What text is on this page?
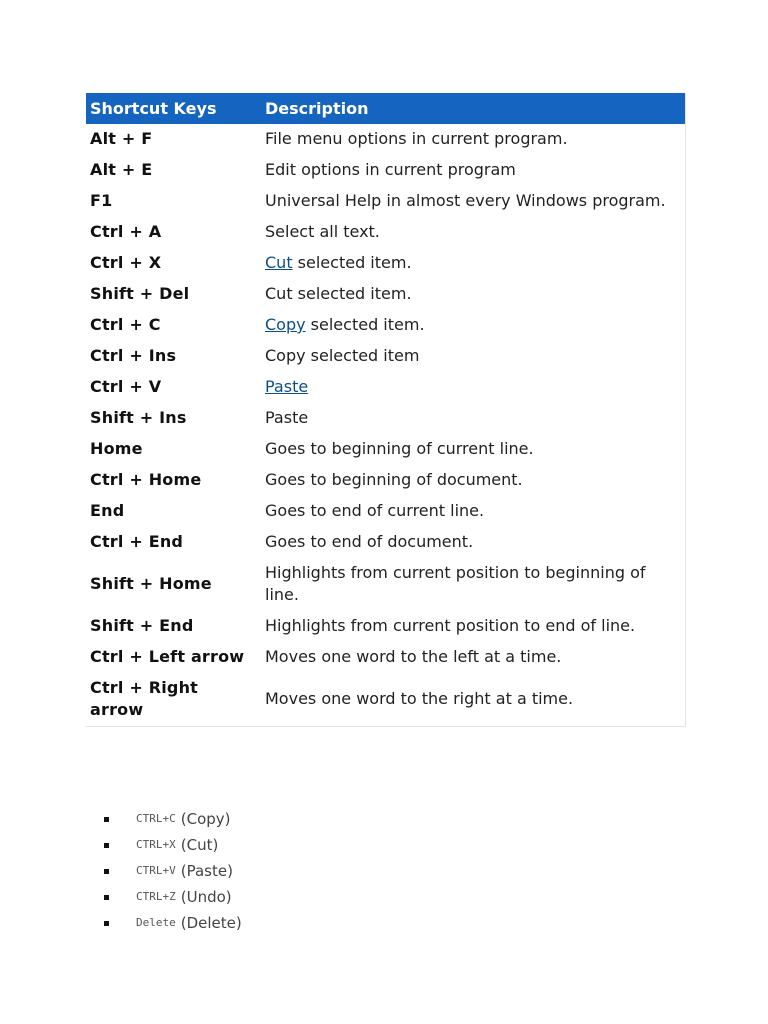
Shortcut Keys	Description
Alt + F	File menu options in current program.
Alt + E	Edit options in current program
F1	Universal Help in almost every Windows program.
Ctrl + A	Select all text.
Ctrl + X	Cut selected item.
Shift + Del	Cut selected item.
Ctrl + C	Copy selected item.
Ctrl + Ins	Copy selected item
Ctrl + V	Paste
Shift + Ins	Paste
Home	Goes to beginning of current line.
Ctrl + Home	Goes to beginning of document.
End	Goes to end of current line.
Ctrl + End	Goes to end of document.
Shift + Home	Highlights from current position to beginning of line.
Shift + End	Highlights from current position to end of line.
Ctrl + Left arrow	Moves one word to the left at a time.
Ctrl + Right arrow	Moves one word to the right at a time.
CTRL+C (Copy)
CTRL+X (Cut)
CTRL+V (Paste)
CTRL+Z (Undo)
Delete (Delete)
